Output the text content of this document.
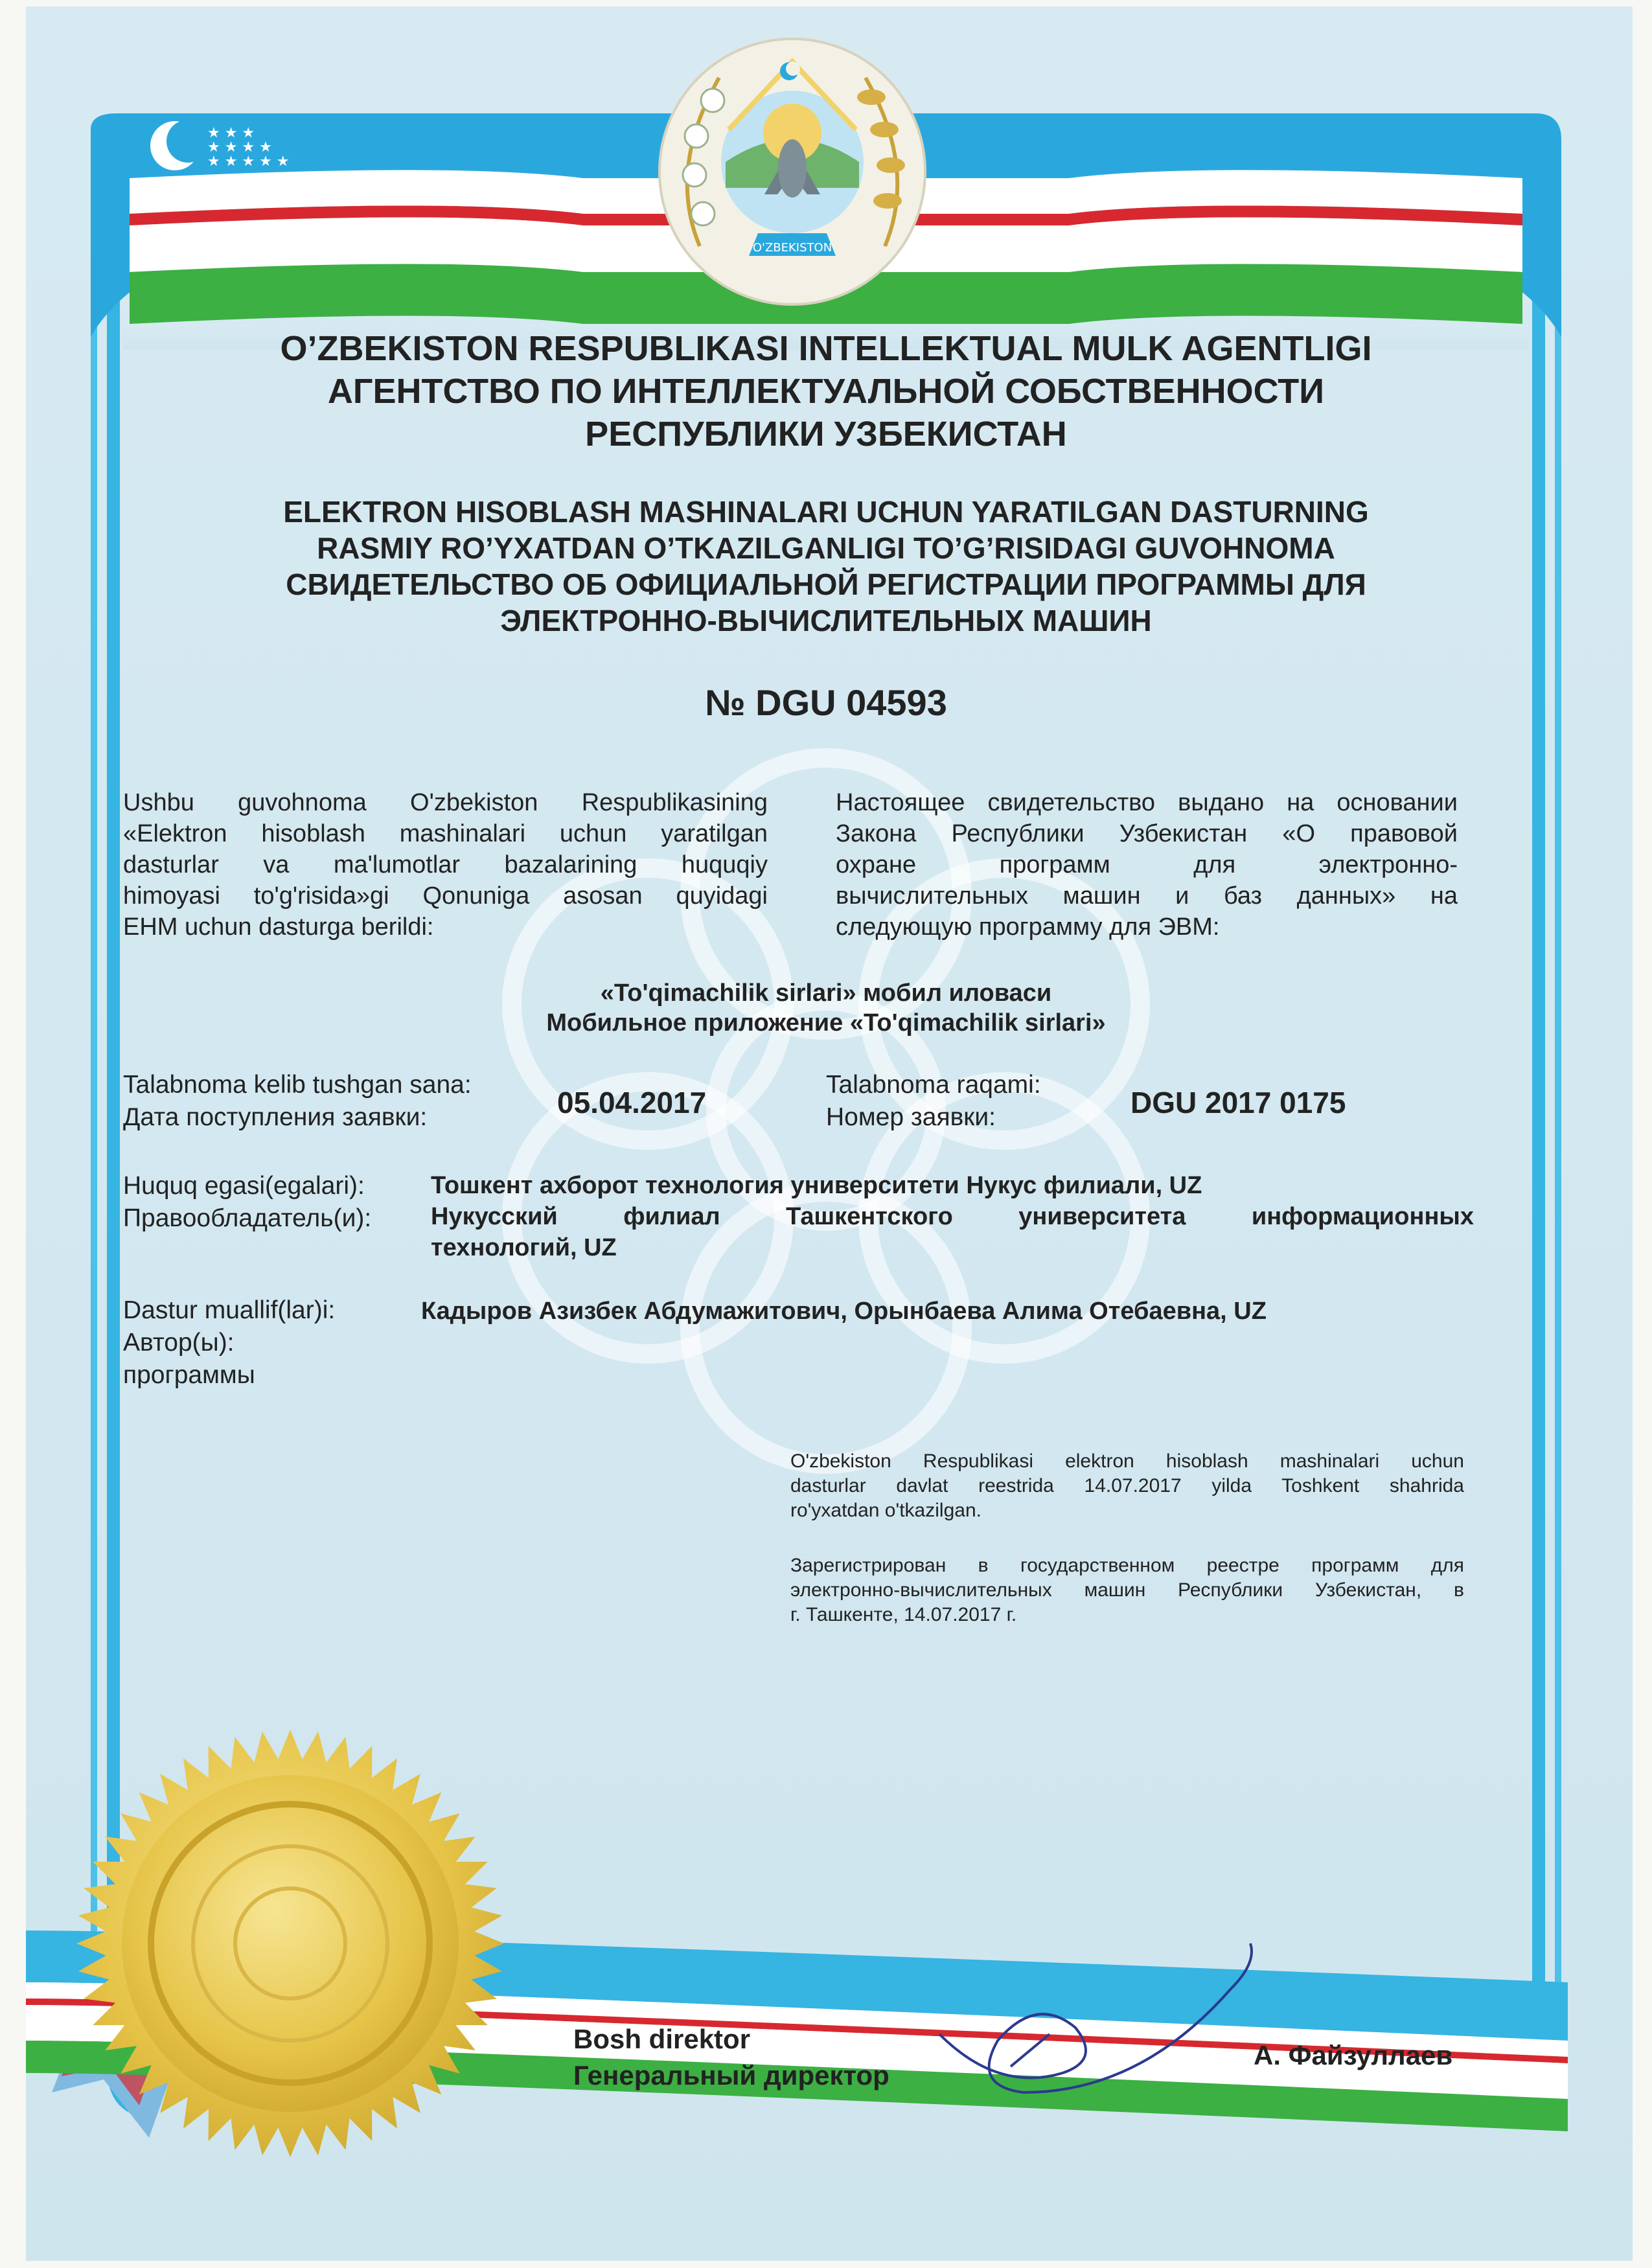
★ ★ ★
★ ★ ★ ★
★ ★ ★ ★ ★
O'ZBEKISTON
O’ZBEKISTON RESPUBLIKASI INTELLEKTUAL MULK AGENTLIGI
АГЕНТСТВО ПО ИНТЕЛЛЕКТУАЛЬНОЙ СОБСТВЕННОСТИ
РЕСПУБЛИКИ УЗБЕКИСТАН
ELEKTRON HISOBLASH MASHINALARI UCHUN YARATILGAN DASTURNING
RASMIY RO’YXATDAN O’TKAZILGANLIGI TO’G’RISIDAGI GUVOHNOMA
СВИДЕТЕЛЬСТВО ОБ ОФИЦИАЛЬНОЙ РЕГИСТРАЦИИ ПРОГРАММЫ ДЛЯ
ЭЛЕКТРОННО-ВЫЧИСЛИТЕЛЬНЫХ МАШИН
№ DGU 04593
Ushbu guvohnoma O'zbekiston Respublikasining
«Elektron hisoblash mashinalari uchun yaratilgan
dasturlar va ma'lumotlar bazalarining huquqiy
himoyasi to'g'risida»gi Qonuniga asosan quyidagi
EHM uchun dasturga berildi:
Настоящее свидетельство выдано на основании
Закона Республики Узбекистан «О правовой
охране программ для электронно-
вычислительных машин и баз данных» на
следующую программу для ЭВМ:
«To'qimachilik sirlari» мобил иловаси
Мобильное приложение «To'qimachilik sirlari»
Talabnoma kelib tushgan sana:
Дата поступления заявки:	05.04.2017
Talabnoma raqami:
Номер заявки:	DGU 2017 0175
Huquq egasi(egalari):
Правообладатель(и):
Тошкент ахборот технология университети Нукус филиали, UZ
Нукусский филиал Ташкентского университета информационных
технологий, UZ
Dastur muallif(lar)i:
Автор(ы):
программы
Кадыров Азизбек Абдумажитович, Орынбаева Алима Отебаевна, UZ
O'zbekiston Respublikasi elektron hisoblash mashinalari uchun
dasturlar davlat reestrida 14.07.2017 yilda Toshkent shahrida
ro'yxatdan o'tkazilgan.
Зарегистрирован в государственном реестре программ для
электронно-вычислительных машин Республики Узбекистан, в
г. Ташкенте, 14.07.2017 г.
Bosh direktor
Генеральный директор
А. Файзуллаев
